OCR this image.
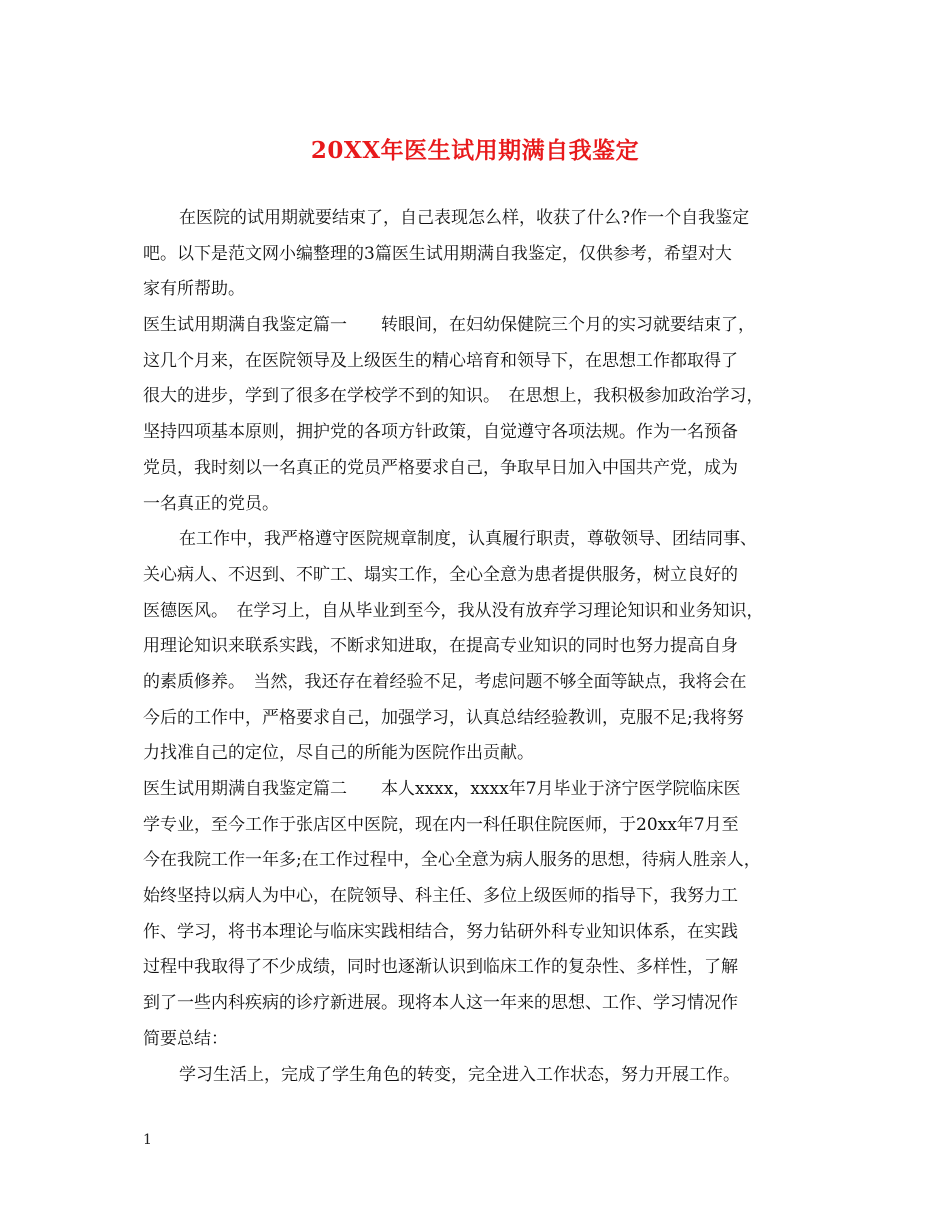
20XX年医生试用期满自我鉴定
在医院的试用期就要结束了，自己表现怎么样，收获了什么?作一个自我鉴定
吧。以下是范文网小编整理的3篇医生试用期满自我鉴定，仅供参考，希望对大
家有所帮助。
医生试用期满自我鉴定篇一　　转眼间，在妇幼保健院三个月的实习就要结束了，
这几个月来，在医院领导及上级医生的精心培育和领导下，在思想工作都取得了
很大的进步，学到了很多在学校学不到的知识。　在思想上，我积极参加政治学习，
坚持四项基本原则，拥护党的各项方针政策，自觉遵守各项法规。作为一名预备
党员，我时刻以一名真正的党员严格要求自己，争取早日加入中国共产党，成为
一名真正的党员。
在工作中，我严格遵守医院规章制度，认真履行职责，尊敬领导、团结同事、
关心病人、不迟到、不旷工、塌实工作，全心全意为患者提供服务，树立良好的
医德医风。　在学习上，自从毕业到至今，我从没有放弃学习理论知识和业务知识，
用理论知识来联系实践，不断求知进取，在提高专业知识的同时也努力提高自身
的素质修养。　当然，我还存在着经验不足，考虑问题不够全面等缺点，我将会在
今后的工作中，严格要求自己，加强学习，认真总结经验教训，克服不足;我将努
力找准自己的定位，尽自己的所能为医院作出贡献。
医生试用期满自我鉴定篇二　　本人xxxx，xxxx年7月毕业于济宁医学院临床医
学专业，至今工作于张店区中医院，现在内一科任职住院医师，于20xx年7月至
今在我院工作一年多;在工作过程中，全心全意为病人服务的思想，待病人胜亲人，
始终坚持以病人为中心，在院领导、科主任、多位上级医师的指导下，我努力工
作、学习，将书本理论与临床实践相结合，努力钻研外科专业知识体系，在实践
过程中我取得了不少成绩，同时也逐渐认识到临床工作的复杂性、多样性，了解
到了一些内科疾病的诊疗新进展。现将本人这一年来的思想、工作、学习情况作
简要总结：
学习生活上，完成了学生角色的转变，完全进入工作状态，努力开展工作。
1
